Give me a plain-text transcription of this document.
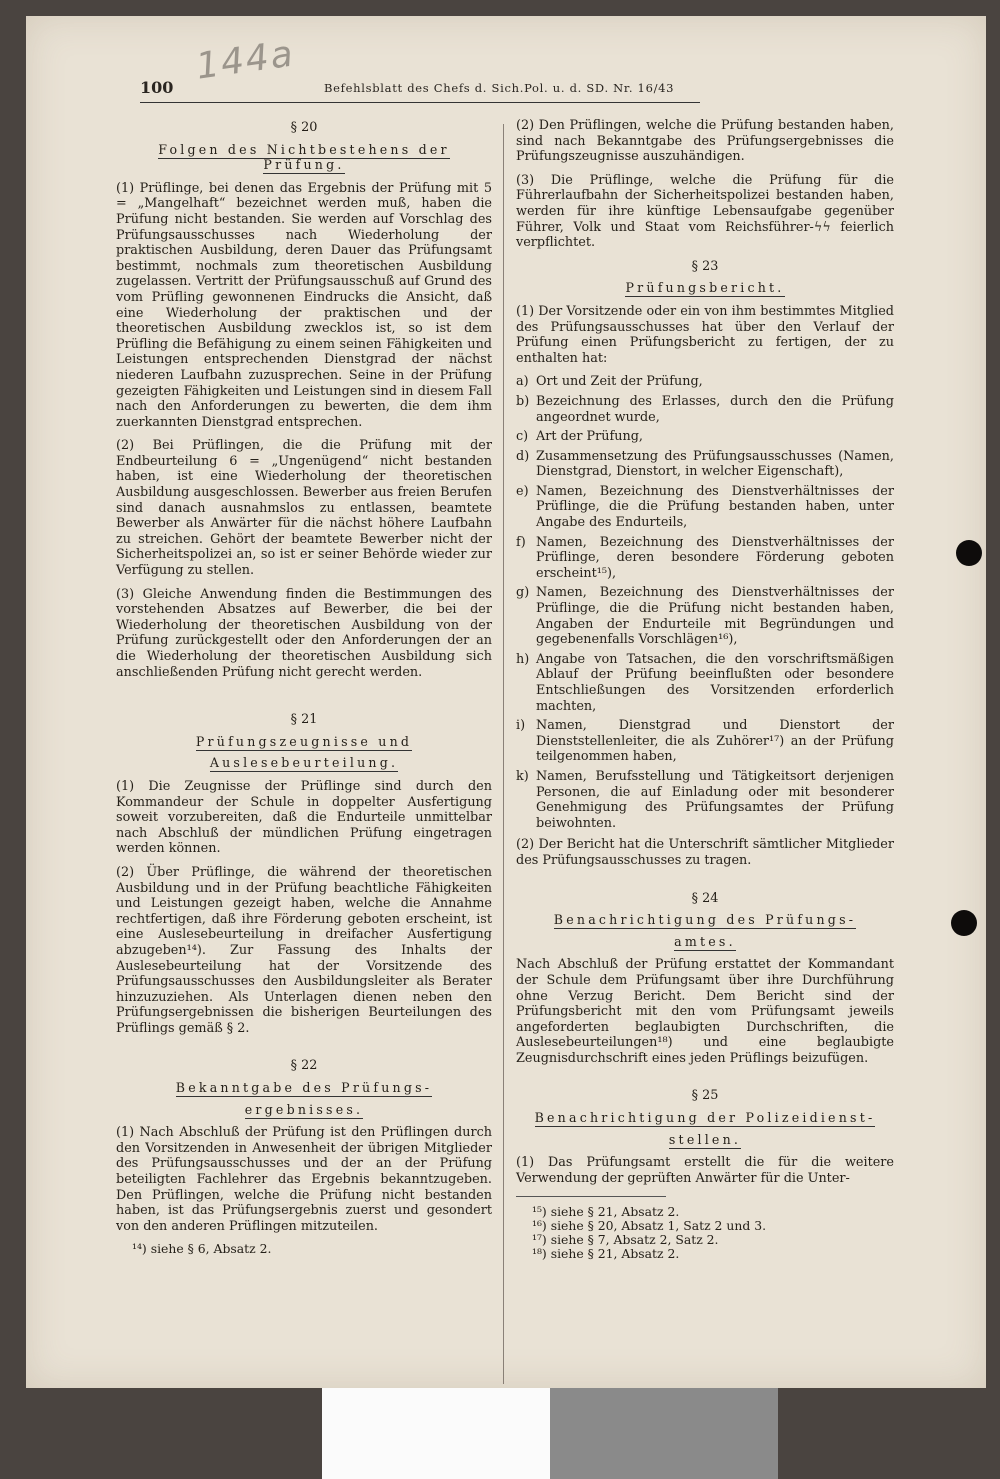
144a
100	Befehlsblatt des Chefs d. Sich.Pol. u. d. SD. Nr. 16/43
§ 20
Folgen des Nichtbestehens der Prüfung.

(1) Prüflinge, bei denen das Ergebnis der Prüfung mit 5 = „Mangelhaft“ bezeichnet werden muß, haben die Prüfung nicht bestanden. Sie werden auf Vorschlag des Prüfungsausschusses nach Wiederholung der praktischen Ausbildung, deren Dauer das Prüfungsamt bestimmt, nochmals zum theoretischen Ausbildung zugelassen. Vertritt der Prüfungsausschuß auf Grund des vom Prüfling gewonnenen Eindrucks die Ansicht, daß eine Wiederholung der praktischen und der theoretischen Ausbildung zwecklos ist, so ist dem Prüfling die Befähigung zu einem seinen Fähigkeiten und Leistungen entsprechenden Dienstgrad der nächst niederen Laufbahn zuzusprechen. Seine in der Prüfung gezeigten Fähigkeiten und Leistungen sind in diesem Fall nach den Anforderungen zu bewerten, die dem ihm zuerkannten Dienstgrad entsprechen.

(2) Bei Prüflingen, die die Prüfung mit der Endbeurteilung 6 = „Ungenügend“ nicht bestanden haben, ist eine Wiederholung der theoretischen Ausbildung ausgeschlossen. Bewerber aus freien Berufen sind danach ausnahmslos zu entlassen, beamtete Bewerber als Anwärter für die nächst höhere Laufbahn zu streichen. Gehört der beamtete Bewerber nicht der Sicherheitspolizei an, so ist er seiner Behörde wieder zur Verfügung zu stellen.

(3) Gleiche Anwendung finden die Bestimmungen des vorstehenden Absatzes auf Bewerber, die bei der Wiederholung der theoretischen Ausbildung von der Prüfung zurückgestellt oder den Anforderungen der an die Wiederholung der theoretischen Ausbildung sich anschließenden Prüfung nicht gerecht werden.

§ 21
Prüfungszeugnisse und
Auslesebeurteilung.

(1) Die Zeugnisse der Prüflinge sind durch den Kommandeur der Schule in doppelter Ausfertigung soweit vorzubereiten, daß die Endurteile unmittelbar nach Abschluß der mündlichen Prüfung eingetragen werden können.

(2) Über Prüflinge, die während der theoretischen Ausbildung und in der Prüfung beachtliche Fähigkeiten und Leistungen gezeigt haben, welche die Annahme rechtfertigen, daß ihre Förderung geboten erscheint, ist eine Auslesebeurteilung in dreifacher Ausfertigung abzugeben¹⁴). Zur Fassung des Inhalts der Auslesebeurteilung hat der Vorsitzende des Prüfungsausschusses den Ausbildungsleiter als Berater hinzuzuziehen. Als Unterlagen dienen neben den Prüfungsergebnissen die bisherigen Beurteilungen des Prüflings gemäß § 2.

§ 22
Bekanntgabe des Prüfungs-
ergebnisses.

(1) Nach Abschluß der Prüfung ist den Prüflingen durch den Vorsitzenden in Anwesenheit der übrigen Mitglieder des Prüfungsausschusses und der an der Prüfung beteiligten Fachlehrer das Ergebnis bekanntzugeben. Den Prüflingen, welche die Prüfung nicht bestanden haben, ist das Prüfungsergebnis zuerst und gesondert von den anderen Prüflingen mitzuteilen.

¹⁴) siehe § 6, Absatz 2.

(2) Den Prüflingen, welche die Prüfung bestanden haben, sind nach Bekanntgabe des Prüfungsergebnisses die Prüfungszeugnisse auszuhändigen.

(3) Die Prüflinge, welche die Prüfung für die Führerlaufbahn der Sicherheitspolizei bestanden haben, werden für ihre künftige Lebensaufgabe gegenüber Führer, Volk und Staat vom Reichsführer-ϟϟ feierlich verpflichtet.

§ 23
Prüfungsbericht.

(1) Der Vorsitzende oder ein von ihm bestimmtes Mitglied des Prüfungsausschusses hat über den Verlauf der Prüfung einen Prüfungsbericht zu fertigen, der zu enthalten hat:

a) Ort und Zeit der Prüfung,
b) Bezeichnung des Erlasses, durch den die Prüfung angeordnet wurde,
c) Art der Prüfung,
d) Zusammensetzung des Prüfungsausschusses (Namen, Dienstgrad, Dienstort, in welcher Eigenschaft),
e) Namen, Bezeichnung des Dienstverhältnisses der Prüflinge, die die Prüfung bestanden haben, unter Angabe des Endurteils,
f) Namen, Bezeichnung des Dienstverhältnisses der Prüflinge, deren besondere Förderung geboten erscheint¹⁵),
g) Namen, Bezeichnung des Dienstverhältnisses der Prüflinge, die die Prüfung nicht bestanden haben, Angaben der Endurteile mit Begründungen und gegebenenfalls Vorschlägen¹⁶),
h) Angabe von Tatsachen, die den vorschriftsmäßigen Ablauf der Prüfung beeinflußten oder besondere Entschließungen des Vorsitzenden erforderlich machten,
i) Namen, Dienstgrad und Dienstort der Dienststellenleiter, die als Zuhörer¹⁷) an der Prüfung teilgenommen haben,
k) Namen, Berufsstellung und Tätigkeitsort derjenigen Personen, die auf Einladung oder mit besonderer Genehmigung des Prüfungsamtes der Prüfung beiwohnten.

(2) Der Bericht hat die Unterschrift sämtlicher Mitglieder des Prüfungsausschusses zu tragen.

§ 24
Benachrichtigung des Prüfungs-
amtes.

Nach Abschluß der Prüfung erstattet der Kommandant der Schule dem Prüfungsamt über ihre Durchführung ohne Verzug Bericht. Dem Bericht sind der Prüfungsbericht mit den vom Prüfungsamt jeweils angeforderten beglaubigten Durchschriften, die Auslesebeurteilungen¹⁸) und eine beglaubigte Zeugnisdurchschrift eines jeden Prüflings beizufügen.

§ 25
Benachrichtigung der Polizeidienst-
stellen.

(1) Das Prüfungsamt erstellt die für die weitere Verwendung der geprüften Anwärter für die Unter-

¹⁵) siehe § 21, Absatz 2.
¹⁶) siehe § 20, Absatz 1, Satz 2 und 3.
¹⁷) siehe § 7, Absatz 2, Satz 2.
¹⁸) siehe § 21, Absatz 2.
